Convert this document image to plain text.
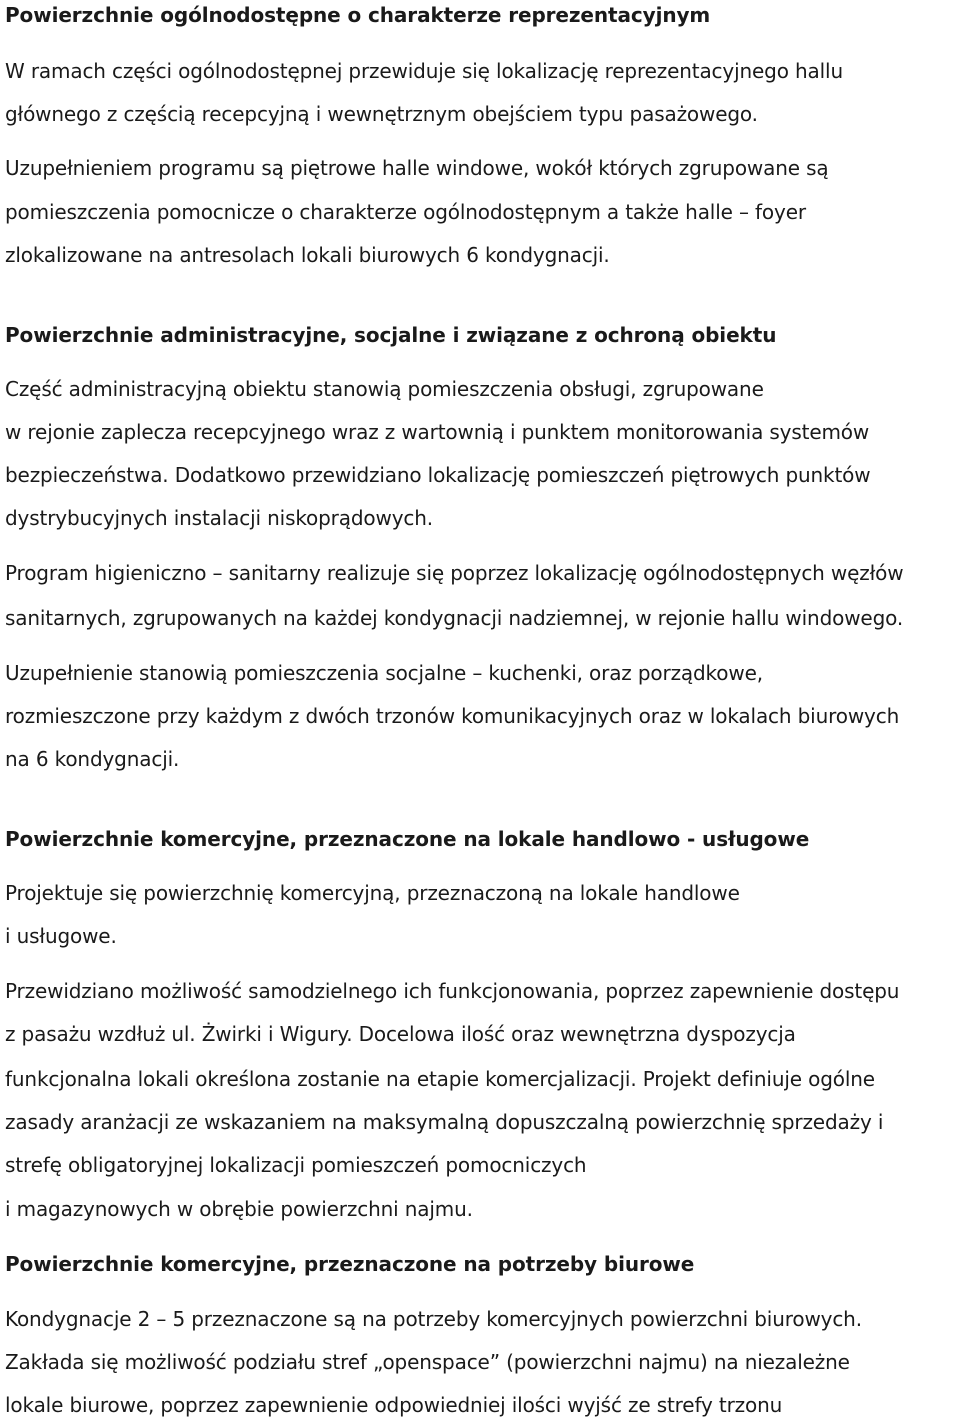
Powierzchnie ogólnodostępne o charakterze reprezentacyjnym
W ramach części ogólnodostępnej przewiduje się lokalizację reprezentacyjnego hallu
głównego z częścią recepcyjną i wewnętrznym obejściem typu pasażowego.
Uzupełnieniem programu są piętrowe halle windowe, wokół których zgrupowane są
pomieszczenia pomocnicze o charakterze ogólnodostępnym a także halle – foyer
zlokalizowane na antresolach lokali biurowych 6 kondygnacji.
Powierzchnie administracyjne, socjalne i związane z ochroną obiektu
Część administracyjną obiektu stanowią pomieszczenia obsługi, zgrupowane
w rejonie zaplecza recepcyjnego wraz z wartownią i punktem monitorowania systemów
bezpieczeństwa. Dodatkowo przewidziano lokalizację pomieszczeń piętrowych punktów
dystrybucyjnych instalacji niskoprądowych.
Program higieniczno – sanitarny realizuje się poprzez lokalizację ogólnodostępnych węzłów
sanitarnych, zgrupowanych na każdej kondygnacji nadziemnej, w rejonie hallu windowego.
Uzupełnienie stanowią pomieszczenia socjalne – kuchenki, oraz porządkowe,
rozmieszczone przy każdym z dwóch trzonów komunikacyjnych oraz w lokalach biurowych
na 6 kondygnacji.
Powierzchnie komercyjne, przeznaczone na lokale handlowo - usługowe
Projektuje się powierzchnię komercyjną, przeznaczoną na lokale handlowe
i usługowe.
Przewidziano możliwość samodzielnego ich funkcjonowania, poprzez zapewnienie dostępu
z pasażu wzdłuż ul. Żwirki i Wigury. Docelowa ilość oraz wewnętrzna dyspozycja
funkcjonalna lokali określona zostanie na etapie komercjalizacji. Projekt definiuje ogólne
zasady aranżacji ze wskazaniem na maksymalną dopuszczalną powierzchnię sprzedaży i
strefę obligatoryjnej lokalizacji pomieszczeń pomocniczych
i magazynowych w obrębie powierzchni najmu.
Powierzchnie komercyjne, przeznaczone na potrzeby biurowe
Kondygnacje 2 – 5 przeznaczone są na potrzeby komercyjnych powierzchni biurowych.
Zakłada się możliwość podziału stref „openspace” (powierzchni najmu) na niezależne
lokale biurowe, poprzez zapewnienie odpowiedniej ilości wyjść ze strefy trzonu
